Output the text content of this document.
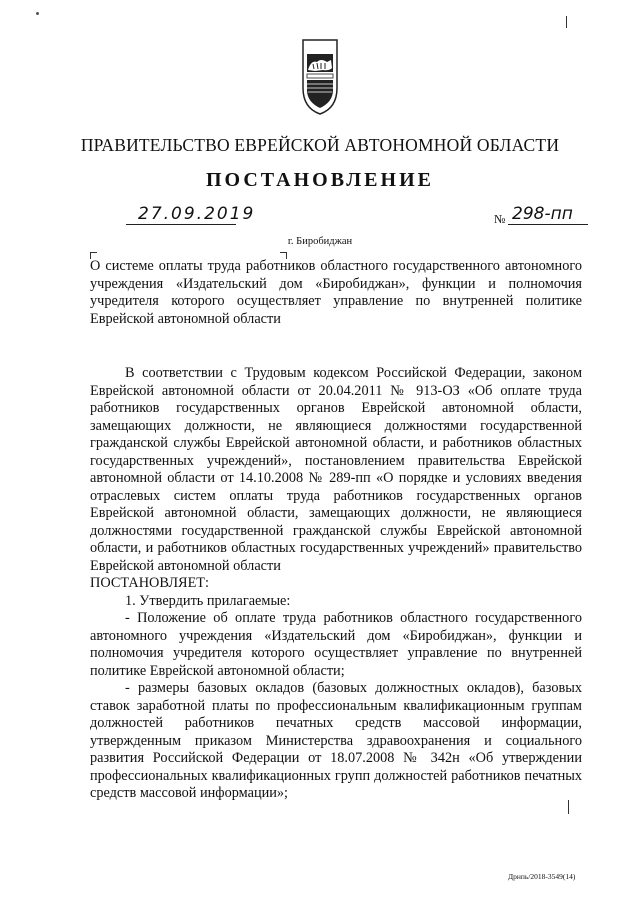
ПРАВИТЕЛЬСТВО ЕВРЕЙСКОЙ АВТОНОМНОЙ ОБЛАСТИ
ПОСТАНОВЛЕНИЕ
27.09.2019	№ 298-пп
г. Биробиджан
О системе оплаты труда работников областного государственного автономного учреждения «Издательский дом «Биробиджан», функции и полномочия учредителя которого осуществляет управление по внутренней политике Еврейской автономной области

В соответствии с Трудовым кодексом Российской Федерации, законом Еврейской автономной области от 20.04.2011 № 913-ОЗ «Об оплате труда работников государственных органов Еврейской автономной области, замещающих должности, не являющиеся должностями государственной гражданской службы Еврейской автономной области, и работников областных государственных учреждений», постановлением правительства Еврейской автономной области от 14.10.2008 № 289-пп «О порядке и условиях введения отраслевых систем оплаты труда работников государственных органов Еврейской автономной области, замещающих должности, не являющиеся должностями государственной гражданской службы Еврейской автономной области, и работников областных государственных учреждений» правительство Еврейской автономной области

ПОСТАНОВЛЯЕТ:

1. Утвердить прилагаемые:

- Положение об оплате труда работников областного государственного автономного учреждения «Издательский дом «Биробиджан», функции и полномочия учредителя которого осуществляет управление по внутренней политике Еврейской автономной области;

- размеры базовых окладов (базовых должностных окладов), базовых ставок заработной платы по профессиональным квалификационным группам должностей работников печатных средств массовой информации, утвержденным приказом Министерства здравоохранения и социального развития Российской Федерации от 18.07.2008 № 342н «Об утверждении профессиональных квалификационных групп должностей работников печатных средств массовой информации»;

Дрнпь/2018-3549(14)
